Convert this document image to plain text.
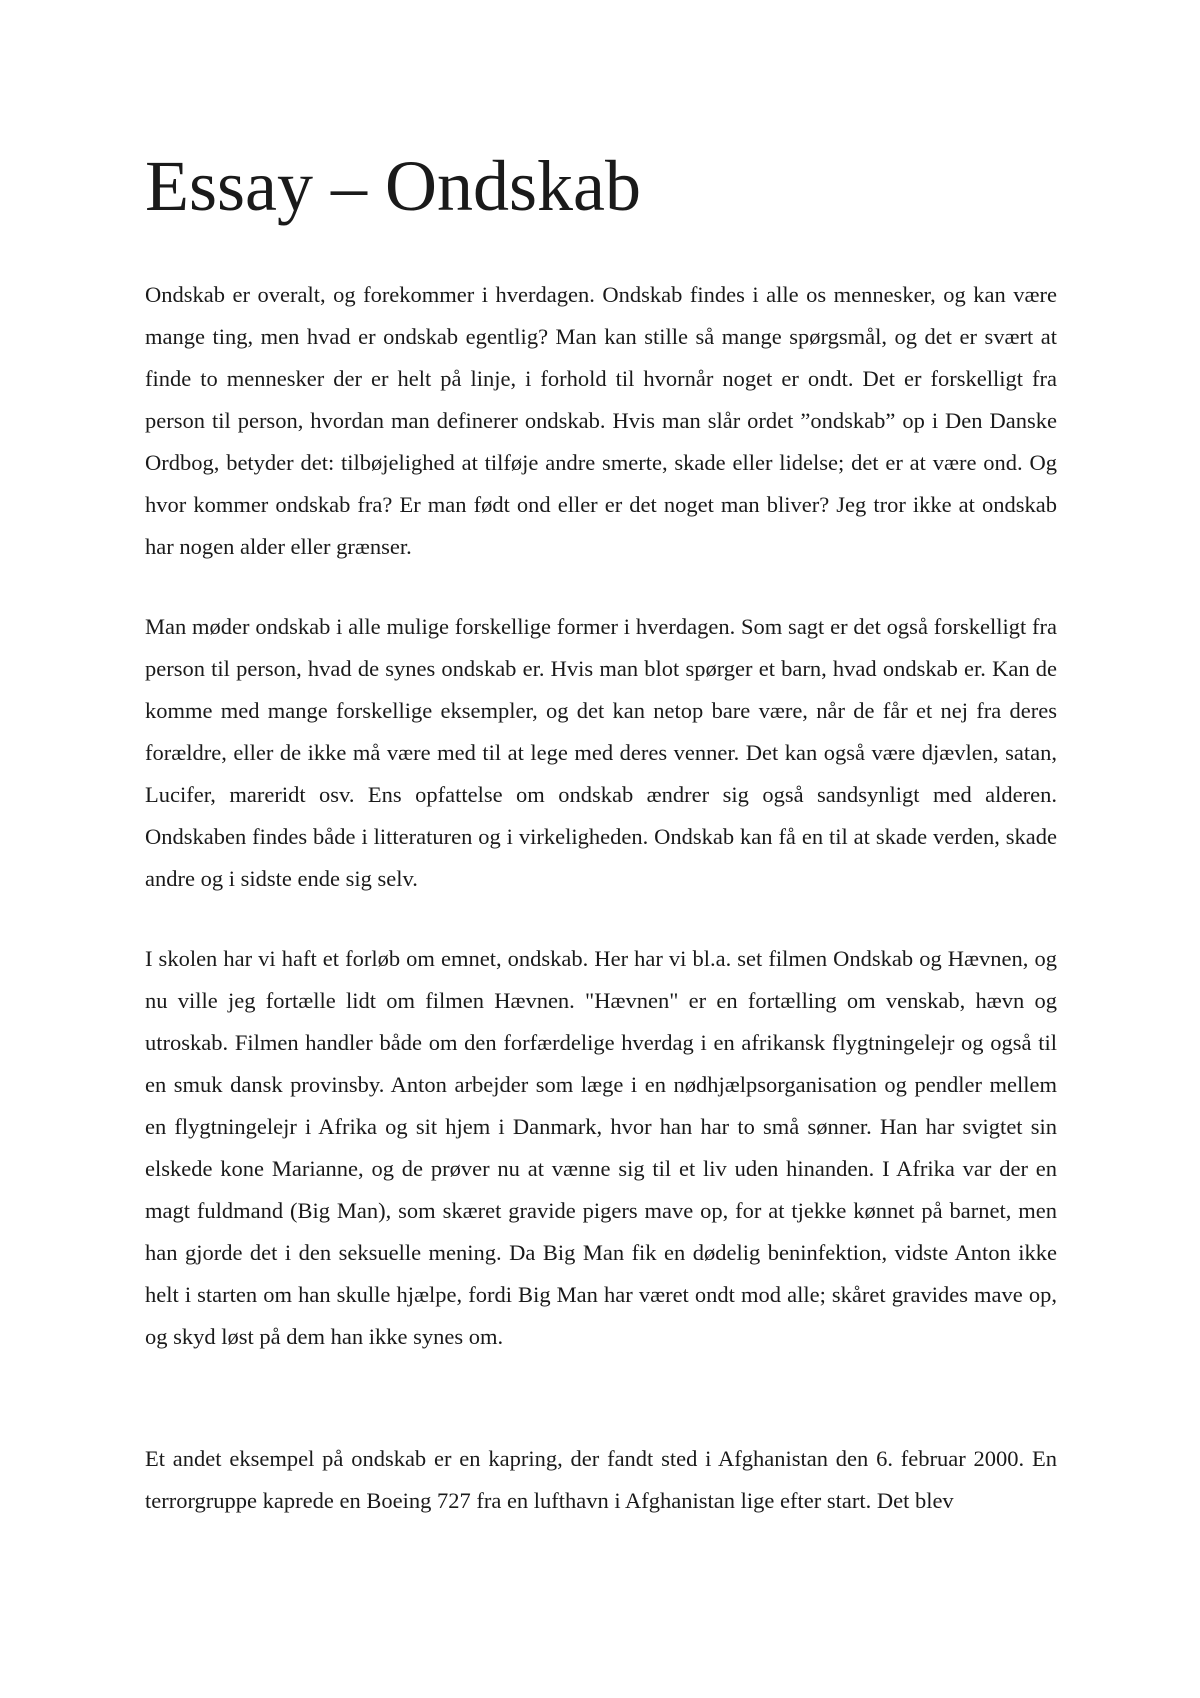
Essay – Ondskab

Ondskab er overalt, og forekommer i hverdagen. Ondskab findes i alle os mennesker, og kan være mange ting, men hvad er ondskab egentlig? Man kan stille så mange spørgsmål, og det er svært at finde to mennesker der er helt på linje, i forhold til hvornår noget er ondt. Det er forskelligt fra person til person, hvordan man definerer ondskab. Hvis man slår ordet ”ondskab” op i Den Danske Ordbog, betyder det: tilbøjelighed at tilføje andre smerte, skade eller lidelse; det er at være ond. Og hvor kommer ondskab fra? Er man født ond eller er det noget man bliver? Jeg tror ikke at ondskab har nogen alder eller grænser.

Man møder ondskab i alle mulige forskellige former i hverdagen. Som sagt er det også forskelligt fra person til person, hvad de synes ondskab er. Hvis man blot spørger et barn, hvad ondskab er. Kan de komme med mange forskellige eksempler, og det kan netop bare være, når de får et nej fra deres forældre, eller de ikke må være med til at lege med deres venner. Det kan også være djævlen, satan, Lucifer, mareridt osv. Ens opfattelse om ondskab ændrer sig også sandsynligt med alderen. Ondskaben findes både i litteraturen og i virkeligheden. Ondskab kan få en til at skade verden, skade andre og i sidste ende sig selv.

I skolen har vi haft et forløb om emnet, ondskab. Her har vi bl.a. set filmen Ondskab og Hævnen, og nu ville jeg fortælle lidt om filmen Hævnen. "Hævnen" er en fortælling om venskab, hævn og utroskab. Filmen handler både om den forfærdelige hverdag i en afrikansk flygtningelejr og også til en smuk dansk provinsby. Anton arbejder som læge i en nødhjælpsorganisation og pendler mellem en flygtningelejr i Afrika og sit hjem i Danmark, hvor han har to små sønner. Han har svigtet sin elskede kone Marianne, og de prøver nu at vænne sig til et liv uden hinanden. I Afrika var der en magt fuldmand (Big Man), som skæret gravide pigers mave op, for at tjekke kønnet på barnet, men han gjorde det i den seksuelle mening. Da Big Man fik en dødelig beninfektion, vidste Anton ikke helt i starten om han skulle hjælpe, fordi Big Man har været ondt mod alle; skåret gravides mave op, og skyd løst på dem han ikke synes om.

Et andet eksempel på ondskab er en kapring, der fandt sted i Afghanistan den 6. februar 2000. En terrorgruppe kaprede en Boeing 727 fra en lufthavn i Afghanistan lige efter start. Det blev
